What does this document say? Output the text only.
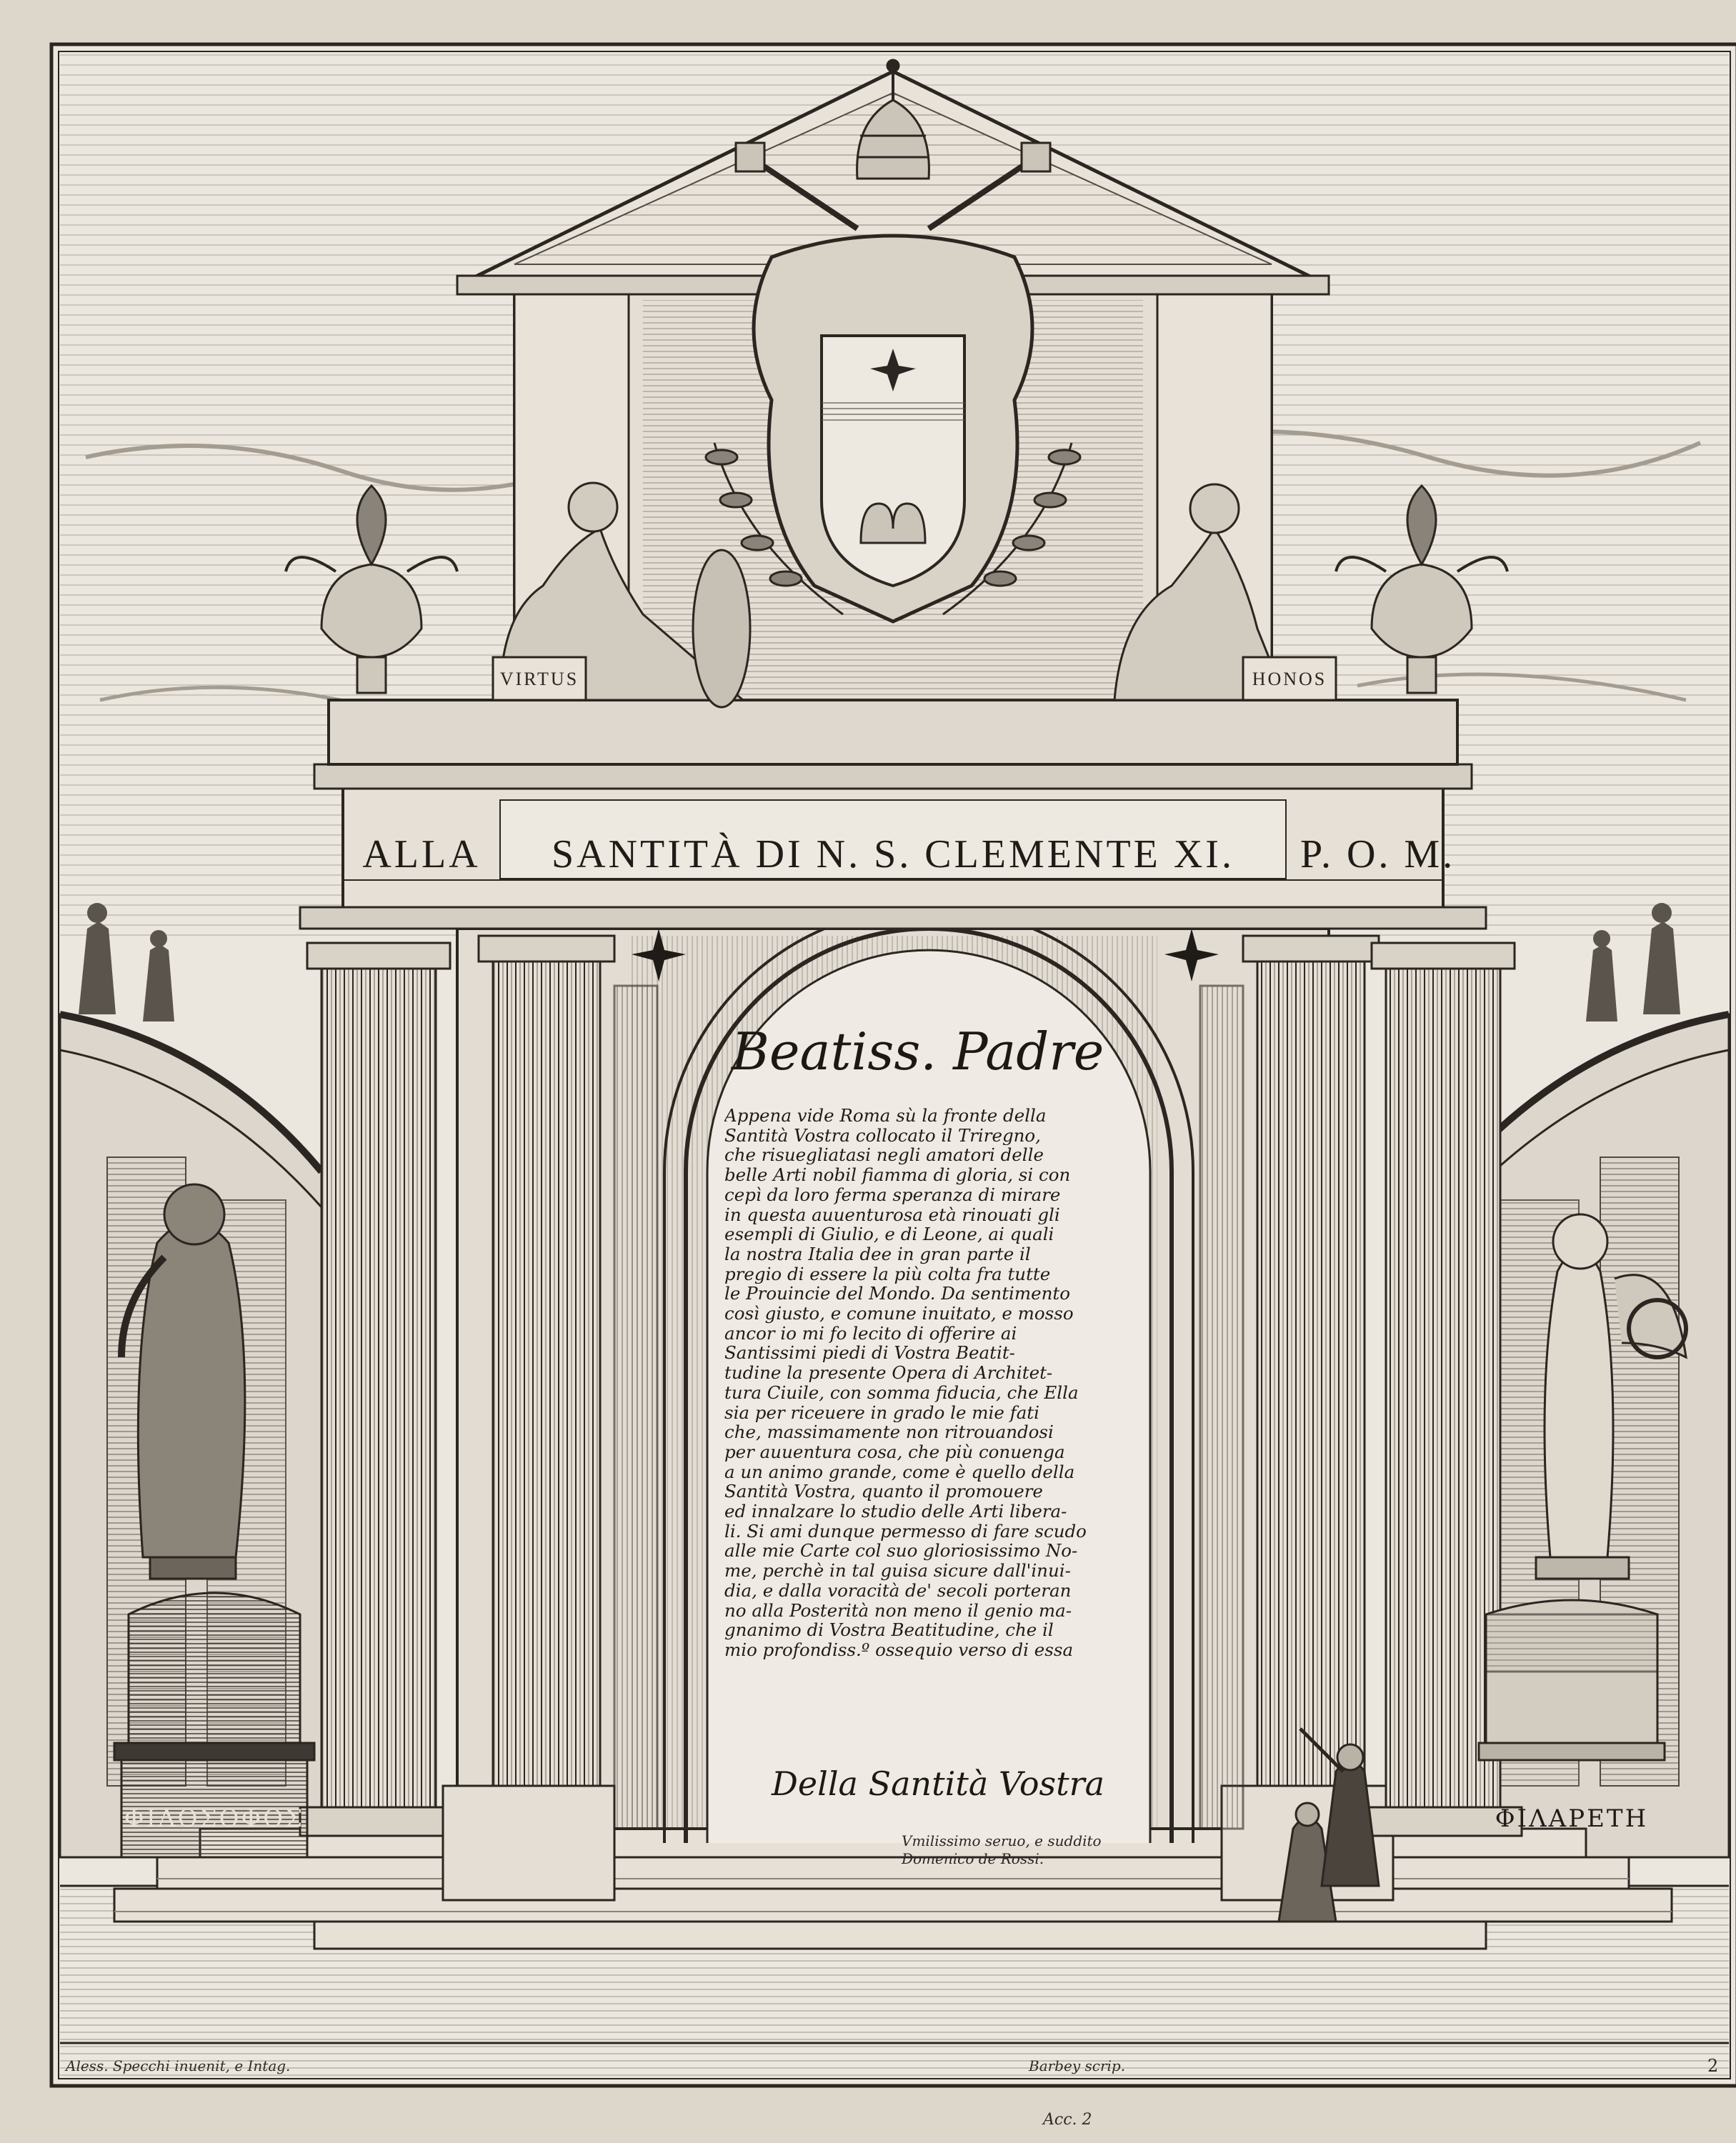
ALLA	SANTITÀ DI N. S. CLEMENTE XI.	P. O. M.
VIRTUS	HONOS
ΦΙΛΟΣΟΦΟΣ	ΦΙΛΑΡΕΤΗ
Beatiss. Padre
Appena vide Roma sù la fronte della
Santità Vostra collocato il Triregno,
che risuegliatasi negli amatori delle
belle Arti nobil fiamma di gloria, si con
cepì da loro ferma speranza di mirare
in questa auuenturosa età rinouati gli
esempli di Giulio, e di Leone, ai quali
la nostra Italia dee in gran parte il
pregio di essere la più colta fra tutte
le Prouincie del Mondo. Da sentimento
così giusto, e comune inuitato, e mosso
ancor io mi fo lecito di offerire ai
Santissimi piedi di Vostra Beatit-
tudine la presente Opera di Architet-
tura Ciuile, con somma fiducia, che Ella
sia per riceuere in grado le mie fati
che, massimamente non ritrouandosi
per auuentura cosa, che più conuenga
a un animo grande, come è quello della
Santità Vostra, quanto il promouere
ed innalzare lo studio delle Arti libera-
li. Si ami dunque permesso di fare scudo
alle mie Carte col suo gloriosissimo No-
me, perchè in tal guisa sicure dall'inui-
dia, e dalla voracità de' secoli porteran
no alla Posterità non meno il genio ma-
gnanimo di Vostra Beatitudine, che il
mio profondiss.º ossequio verso di essa
Della Santità Vostra
Vmilissimo seruo, e suddito
Domenico de Rossi.
Aless. Specchi inuenit, e Intag.	Barbey scrip.	2
Acc. 2
